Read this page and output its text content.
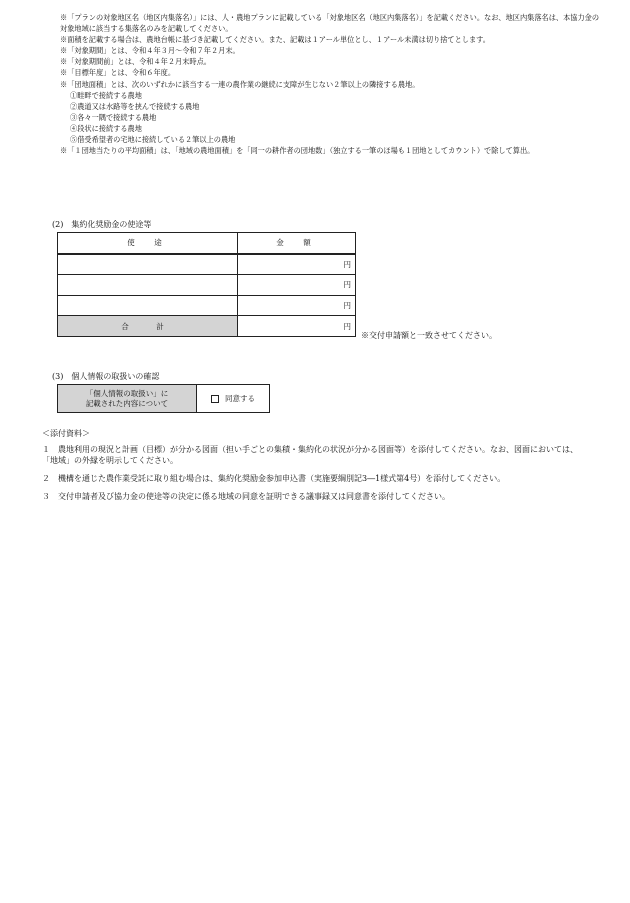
※「プランの対象地区名（地区内集落名）」には、人・農地プランに記載している「対象地区名（地区内集落名）」を記載ください。なお、地区内集落名は、本協力金の対象地域に該当する集落名のみを記載してください。

※面積を記載する場合は、農地台帳に基づき記載してください。また、記載は１アール単位とし、１アール未満は切り捨てとします。

※「対象期間」とは、令和４年３月～令和７年２月末。

※「対象期間前」とは、令和４年２月末時点。

※「目標年度」とは、令和６年度。

※「団地面積」とは、次のいずれかに該当する一連の農作業の継続に支障が生じない２筆以上の隣接する農地。

①畦畔で接続する農地

②農道又は水路等を挟んで接続する農地

③各々一隅で接続する農地

④段状に接続する農地

⑤借受希望者の宅地に接続している２筆以上の農地

※「１団地当たりの平均面積」は、「地域の農地面積」を「同一の耕作者の団地数」（独立する一筆のほ場も１団地としてカウント）で除して算出。

(2)　集約化奨励金の使途等
使　途	金　額
	円
	円
	円
合　計	円
※交付申請額と一致させてください。
(3)　個人情報の取扱いの確認
「個人情報の取扱い」に
記載された内容について	同意する
＜添付資料＞

１　農地利用の現況と計画（目標）が分かる図面（担い手ごとの集積・集約化の状況が分かる図面等）を添付してください。なお、図面においては、「地域」の外縁を明示してください。

２　機構を通じた農作業受託に取り組む場合は、集約化奨励金参加申込書（実施要綱別記3―1様式第4号）を添付してください。

３　交付申請者及び協力金の使途等の決定に係る地域の同意を証明できる議事録又は同意書を添付してください。
